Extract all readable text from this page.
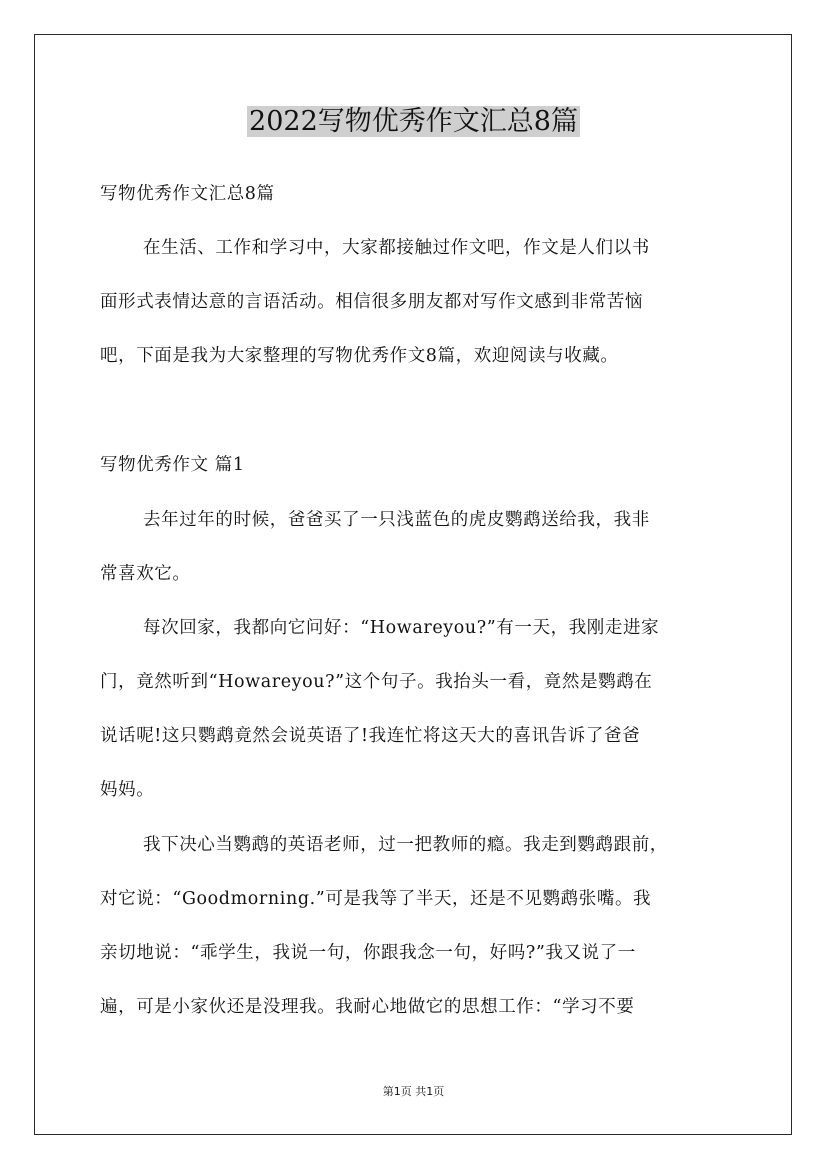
2022写物优秀作文汇总8篇
写物优秀作文汇总8篇
在生活、工作和学习中，大家都接触过作文吧，作文是人们以书
面形式表情达意的言语活动。相信很多朋友都对写作文感到非常苦恼
吧，下面是我为大家整理的写物优秀作文8篇，欢迎阅读与收藏。
写物优秀作文 篇1
去年过年的时候，爸爸买了一只浅蓝色的虎皮鹦鹉送给我，我非
常喜欢它。
每次回家，我都向它问好：“Howareyou?”有一天，我刚走进家
门，竟然听到“Howareyou?”这个句子。我抬头一看，竟然是鹦鹉在
说话呢!这只鹦鹉竟然会说英语了!我连忙将这天大的喜讯告诉了爸爸
妈妈。
我下决心当鹦鹉的英语老师，过一把教师的瘾。我走到鹦鹉跟前，
对它说：“Goodmorning.”可是我等了半天，还是不见鹦鹉张嘴。我
亲切地说：“乖学生，我说一句，你跟我念一句，好吗?”我又说了一
遍，可是小家伙还是没理我。我耐心地做它的思想工作：“学习不要
第1页 共1页
